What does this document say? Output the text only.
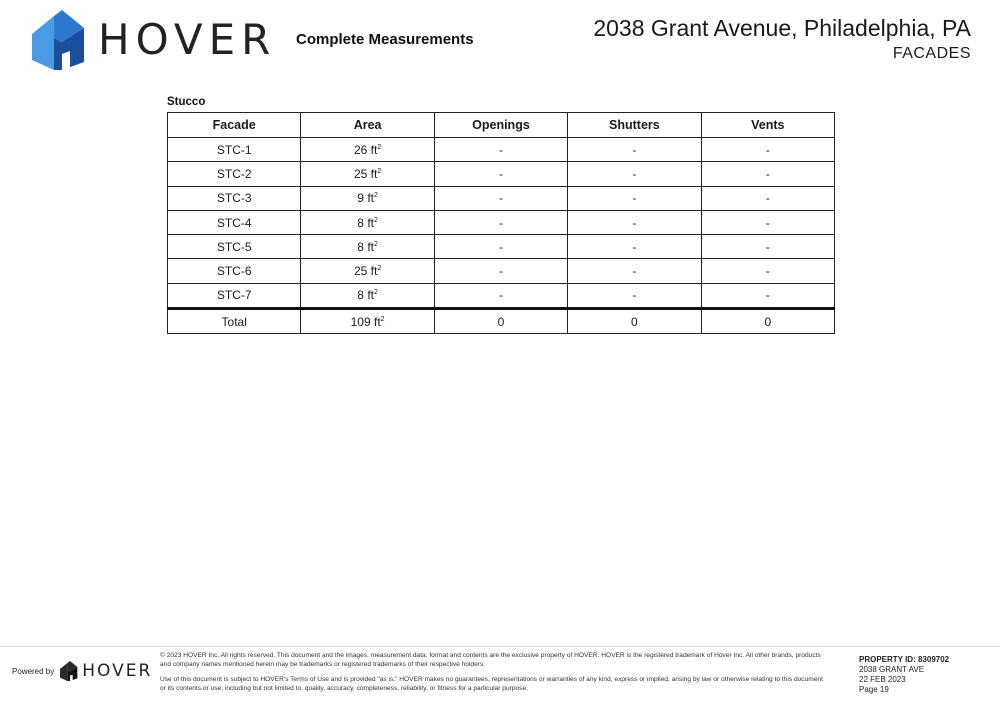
HOVER Complete Measurements	2038 Grant Avenue, Philadelphia, PA
FACADES
Stucco
Facade	Area	Openings	Shutters	Vents
STC-1	26 $ft^2$	-	-	-
STC-2	25 $ft^2$	-	-	-
STC-3	9 $ft^2$	-	-	-
STC-4	8 $ft^2$	-	-	-
STC-5	8 $ft^2$	-	-	-
STC-6	25 $ft^2$	-	-	-
STC-7	8 $ft^2$	-	-	-
Total	109 $ft^2$	0	0	0
Powered by HOVER

© 2023 HOVER Inc. All rights reserved. This document and the images, measurement data, format and contents are the exclusive property of HOVER. HOVER is the registered trademark of Hover Inc. All other brands, products and company names mentioned herein may be trademarks or registered trademarks of their respective holders.

Use of this document is subject to HOVER's Terms of Use and is provided "as is." HOVER makes no guarantees, representations or warranties of any kind, express or implied, arising by law or otherwise relating to this document or its contents or use, including but not limited to, quality, accuracy, completeness, reliability, or fitness for a particular purpose.

PROPERTY ID: 8309702
2038 GRANT AVE
22 FEB 2023
Page 19
